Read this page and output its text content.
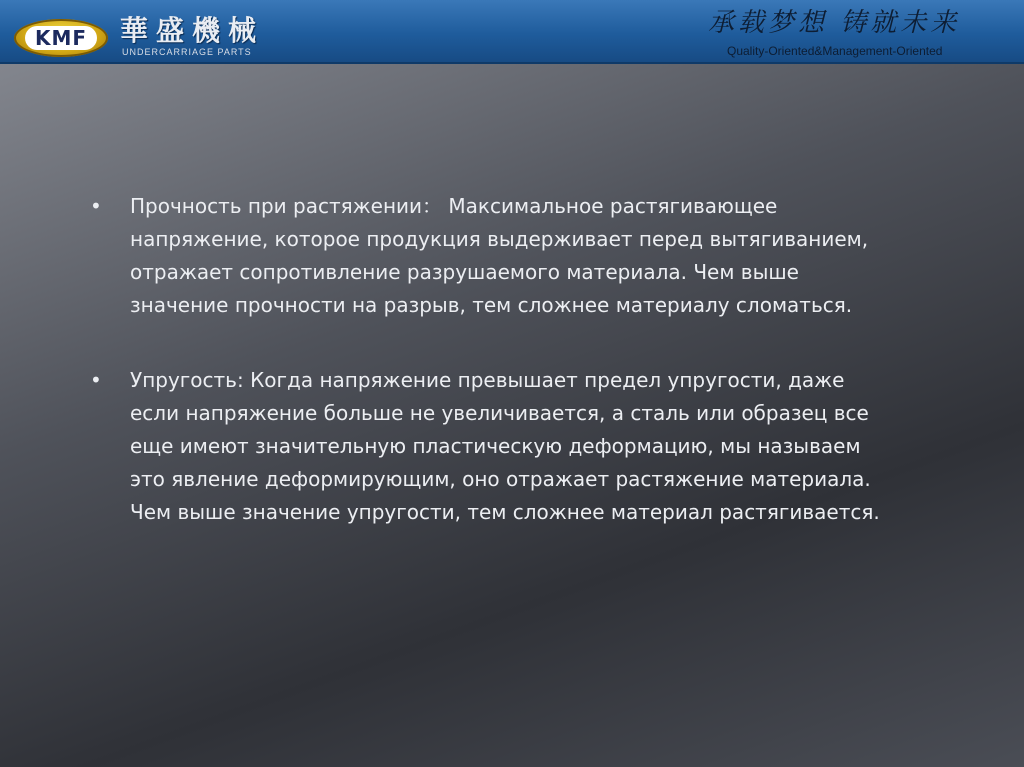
KMF	華盛機械
UNDERCARRIAGE PARTS
承载梦想 铸就未来
Quality-Oriented&Management-Oriented
•	Прочность при растяжении： Максимальное растягивающее напряжение, которое продукция выдерживает перед вытягиванием, отражает сопротивление разрушаемого материала. Чем выше значение прочности на разрыв, тем сложнее материалу сломаться.
•	Упругость: Когда напряжение превышает предел упругости, даже если напряжение больше не увеличивается, а сталь или образец все еще имеют значительную пластическую деформацию, мы называем это явление деформирующим, оно отражает растяжение материала. Чем выше значение упругости, тем сложнее материал растягивается.
